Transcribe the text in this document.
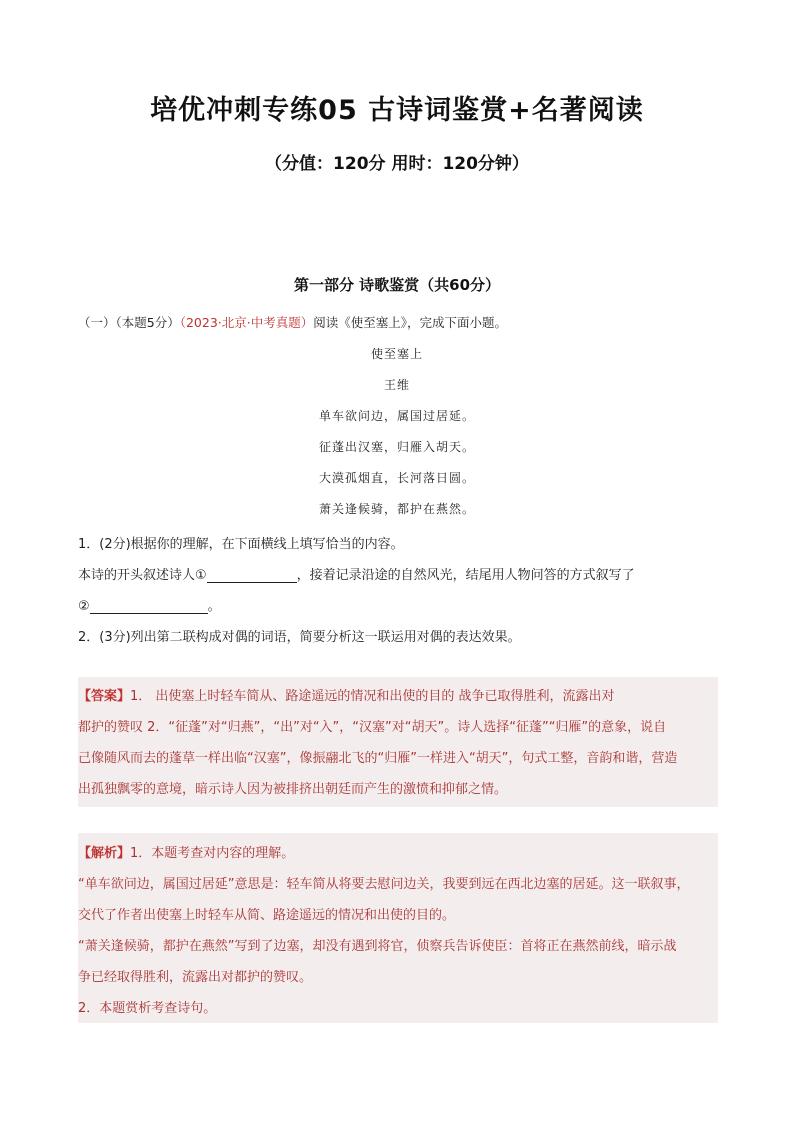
培优冲刺专练05 古诗词鉴赏+名著阅读
（分值：120分 用时：120分钟）
第一部分 诗歌鉴赏（共60分）
（一）（本题5分）（2023·北京·中考真题）阅读《使至塞上》，完成下面小题。
使至塞上
王维
单车欲问边，属国过居延。
征蓬出汉塞，归雁入胡天。
大漠孤烟直，长河落日圆。
萧关逢候骑，都护在燕然。
1．(2分)根据你的理解，在下面横线上填写恰当的内容。
本诗的开头叙述诗人①	，接着记录沿途的自然风光，结尾用人物问答的方式叙写了
②	。
2．(3分)列出第二联构成对偶的词语，简要分析这一联运用对偶的表达效果。
【答案】1． 出使塞上时轻车简从、路途遥远的情况和出使的目的 战争已取得胜利，流露出对
都护的赞叹 2．“征蓬”对“归燕”，“出”对“入”，“汉塞”对“胡天”。诗人选择“征蓬”“归雁”的意象，说自
己像随风而去的蓬草一样出临“汉塞”，像振翮北飞的“归雁”一样进入“胡天”，句式工整，音韵和谐，营造
出孤独飘零的意境，暗示诗人因为被排挤出朝廷而产生的激愤和抑郁之情。
【解析】1．本题考查对内容的理解。
“单车欲问边，属国过居延”意思是：轻车简从将要去慰问边关，我要到远在西北边塞的居延。这一联叙事，
交代了作者出使塞上时轻车从简、路途遥远的情况和出使的目的。
“萧关逢候骑，都护在燕然”写到了边塞，却没有遇到将官，侦察兵告诉使臣：首将正在燕然前线，暗示战
争已经取得胜利，流露出对都护的赞叹。
2．本题赏析考查诗句。
